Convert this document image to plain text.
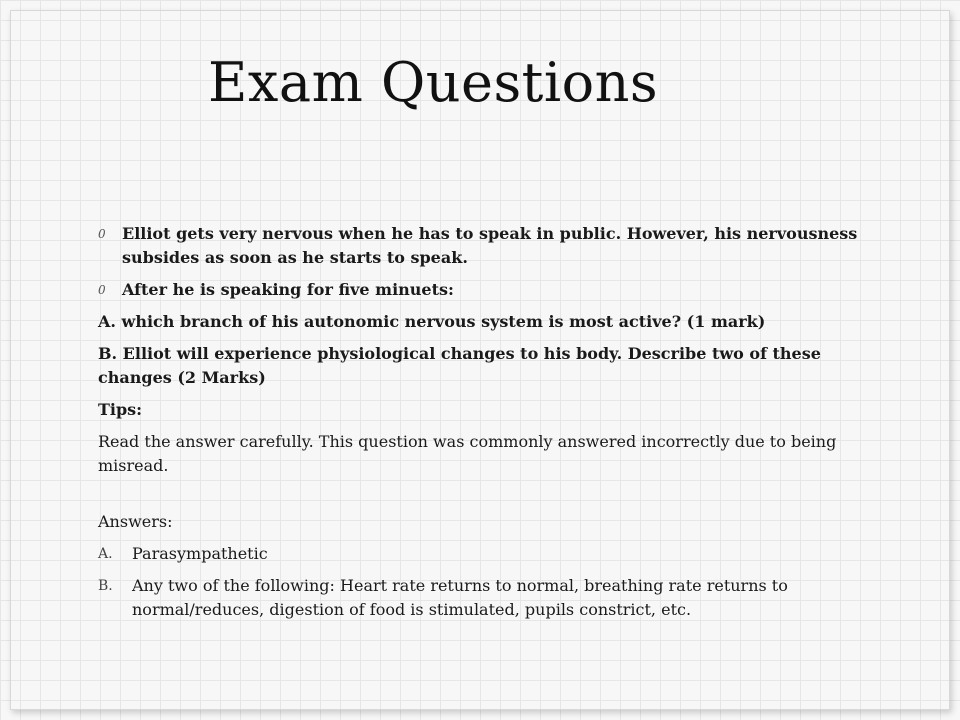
Exam Questions
0 Elliot gets very nervous when he has to speak in public. However, his nervousness subsides as soon as he starts to speak.
0 After he is speaking for five minuets:
A. which branch of his autonomic nervous system is most active? (1 mark)
B. Elliot will experience physiological changes to his body. Describe two of these changes (2 Marks)
Tips:
Read the answer carefully. This question was commonly answered incorrectly due to being misread.
Answers:
A. Parasympathetic
B. Any two of the following: Heart rate returns to normal, breathing rate returns to normal/reduces, digestion of food is stimulated, pupils constrict, etc.
